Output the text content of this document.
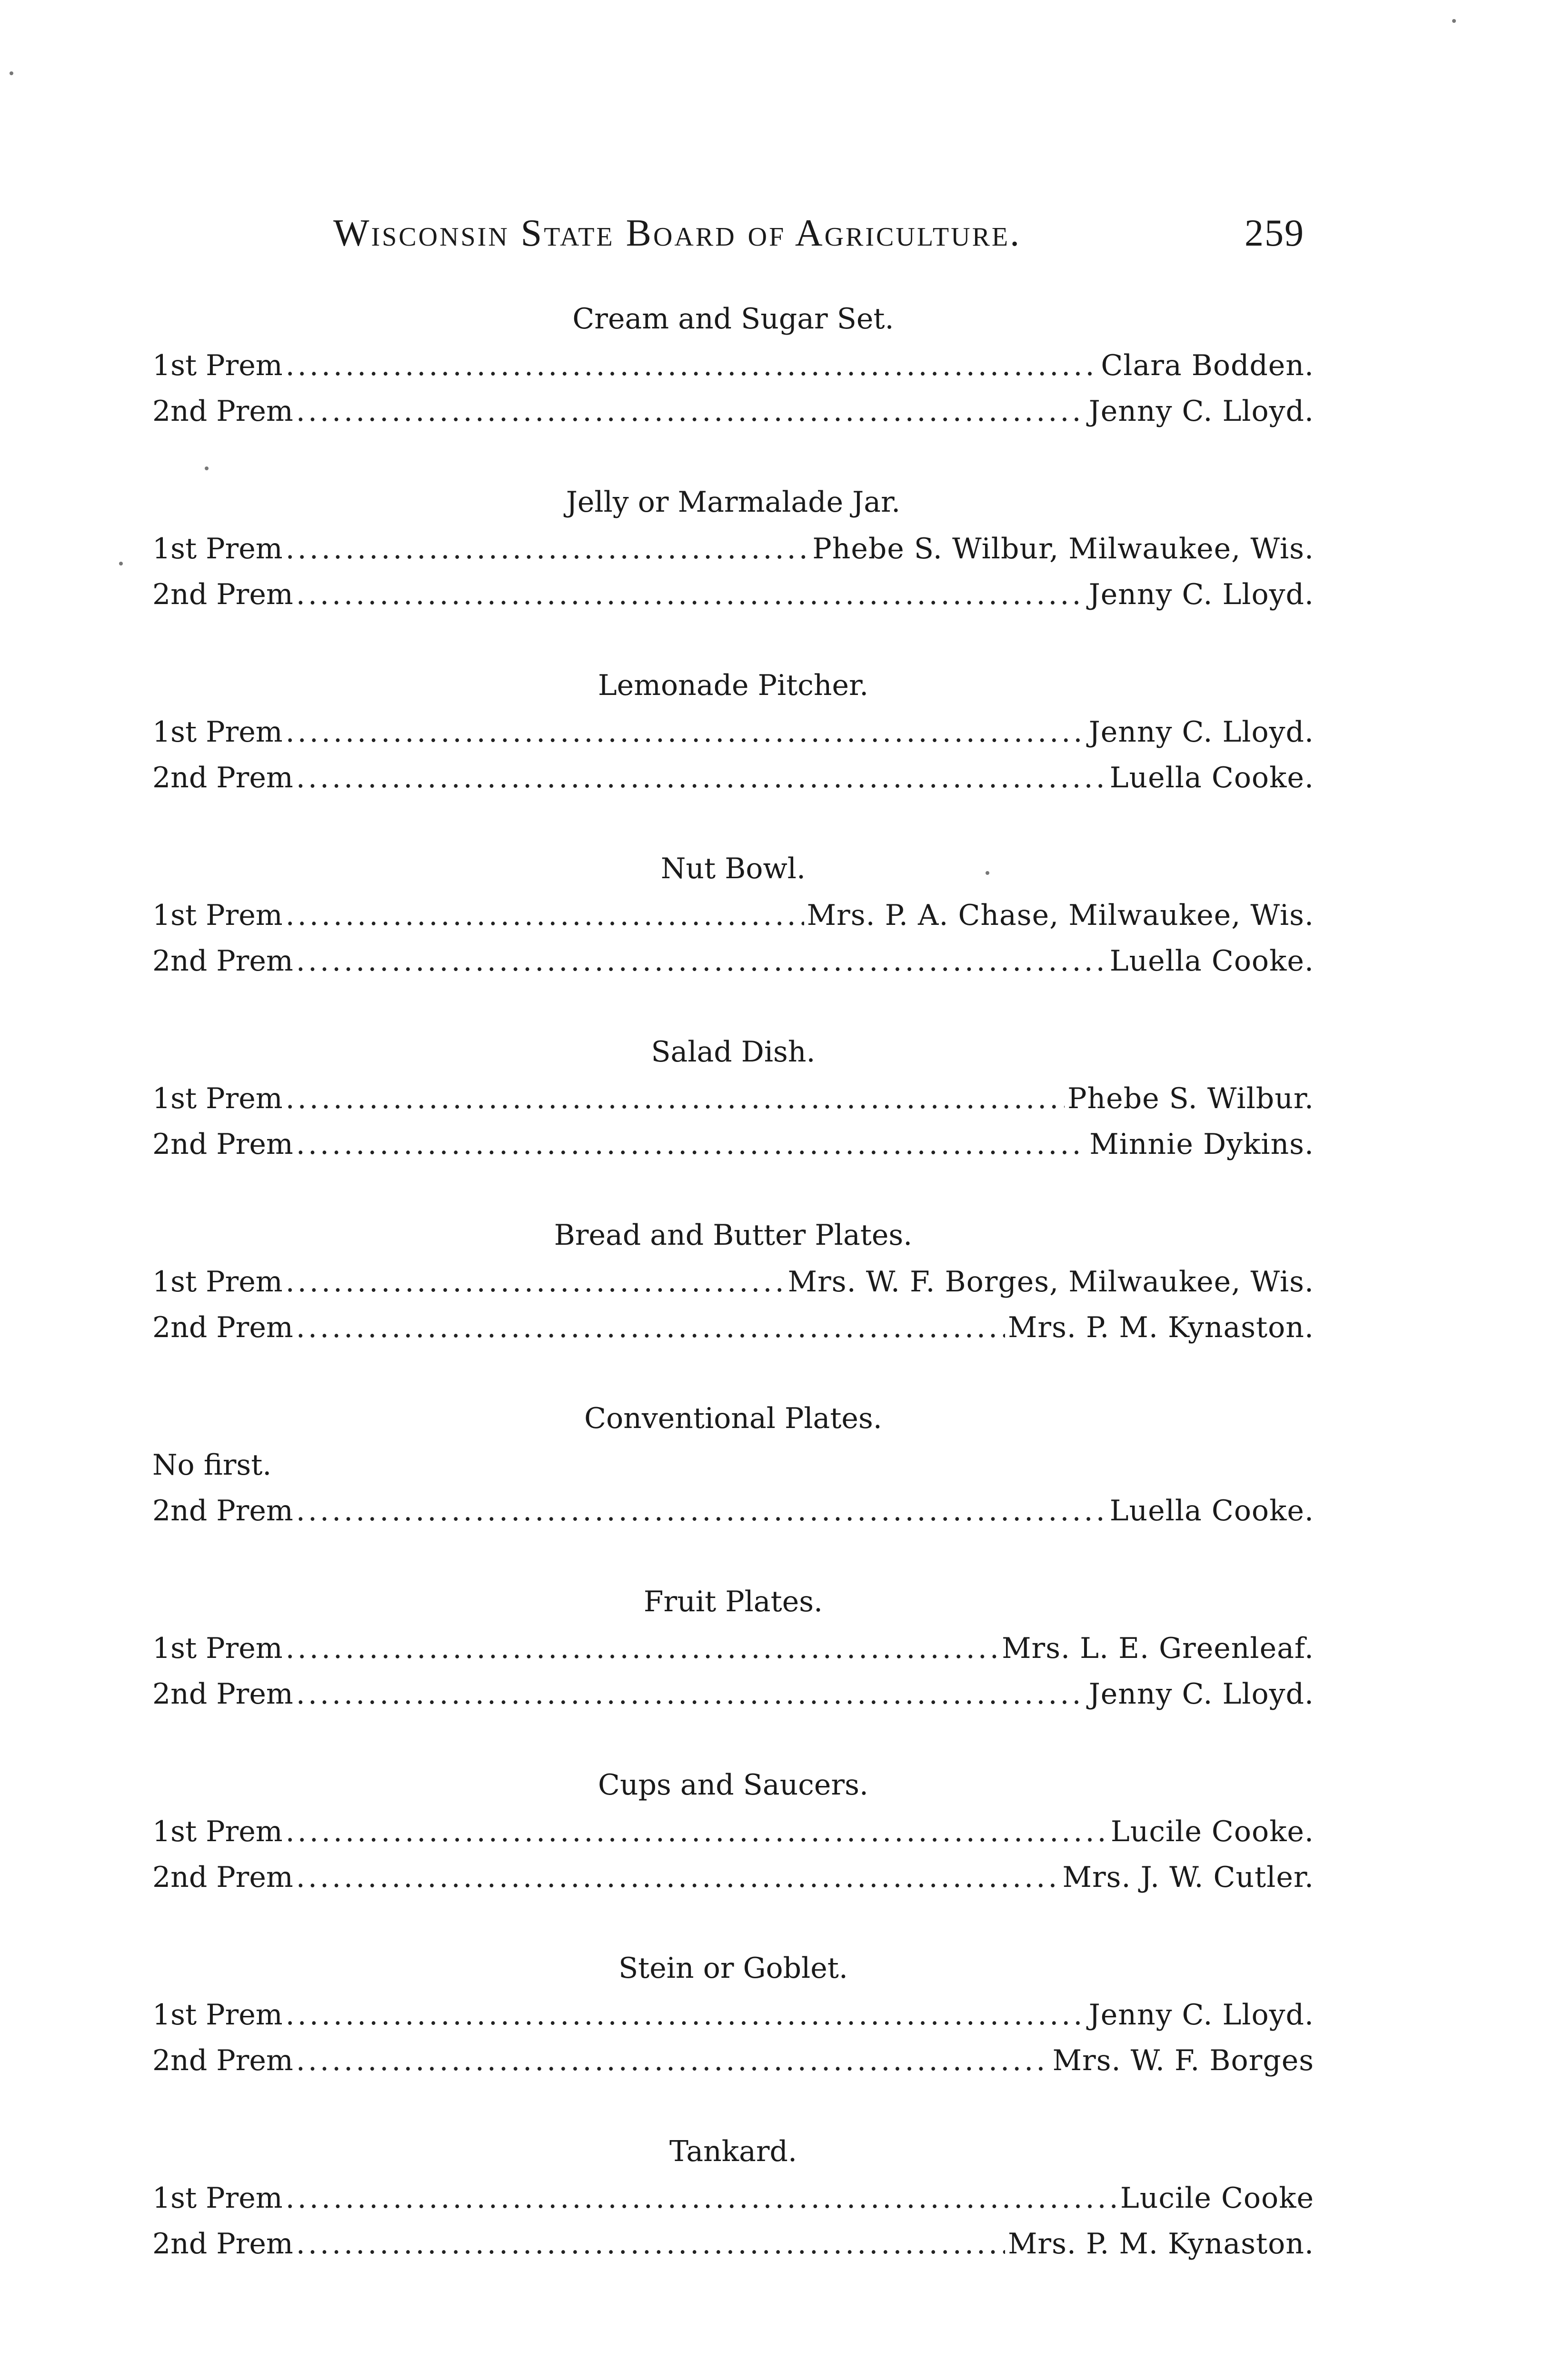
Wisconsin State Board of Agriculture.	259
Cream and Sugar Set.
1st Prem .....	Clara Bodden.
2nd Prem .....	Jenny C. Lloyd.
Jelly or Marmalade Jar.
1st Prem .....	Phebe S. Wilbur, Milwaukee, Wis.
2nd Prem .....	Jenny C. Lloyd.
Lemonade Pitcher.
1st Prem .....	Jenny C. Lloyd.
2nd Prem .....	Luella Cooke.
Nut Bowl.
1st Prem .....	Mrs. P. A. Chase, Milwaukee, Wis.
2nd Prem .....	Luella Cooke.
Salad Dish.
1st Prem .....	Phebe S. Wilbur.
2nd Prem .....	Minnie Dykins.
Bread and Butter Plates.
1st Prem .....	Mrs. W. F. Borges, Milwaukee, Wis.
2nd Prem .....	Mrs. P. M. Kynaston.
Conventional Plates.
No first.
2nd Prem .....	Luella Cooke.
Fruit Plates.
1st Prem .....	Mrs. L. E. Greenleaf.
2nd Prem .....	Jenny C. Lloyd.
Cups and Saucers.
1st Prem .....	Lucile Cooke.
2nd Prem .....	Mrs. J. W. Cutler.
Stein or Goblet.
1st Prem .....	Jenny C. Lloyd.
2nd Prem .....	Mrs. W. F. Borges
Tankard.
1st Prem .....	Lucile Cooke
2nd Prem .....	Mrs. P. M. Kynaston.
